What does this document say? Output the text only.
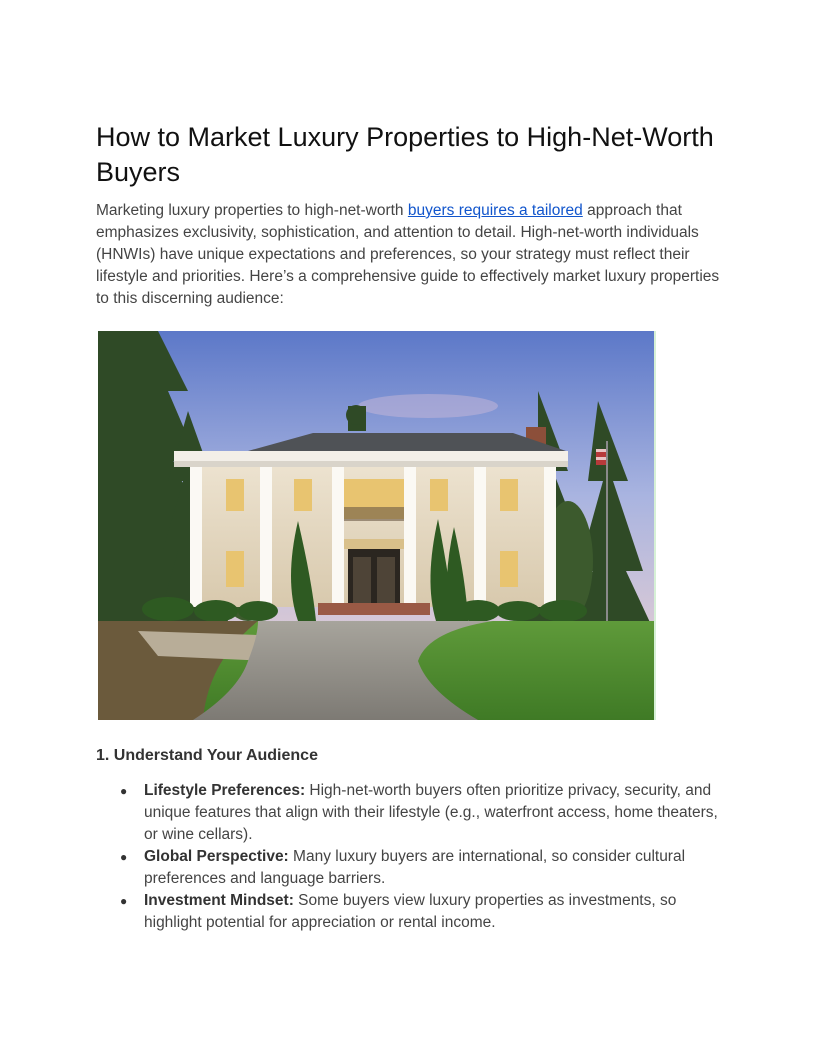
How to Market Luxury Properties to High-Net-Worth Buyers

Marketing luxury properties to high-net-worth buyers requires a tailored approach that emphasizes exclusivity, sophistication, and attention to detail. High-net-worth individuals (HNWIs) have unique expectations and preferences, so your strategy must reflect their lifestyle and priorities. Here’s a comprehensive guide to effectively market luxury properties to this discerning audience:

1. Understand Your Audience
● Lifestyle Preferences: High-net-worth buyers often prioritize privacy, security, and unique features that align with their lifestyle (e.g., waterfront access, home theaters, or wine cellars).
● Global Perspective: Many luxury buyers are international, so consider cultural preferences and language barriers.
● Investment Mindset: Some buyers view luxury properties as investments, so highlight potential for appreciation or rental income.
